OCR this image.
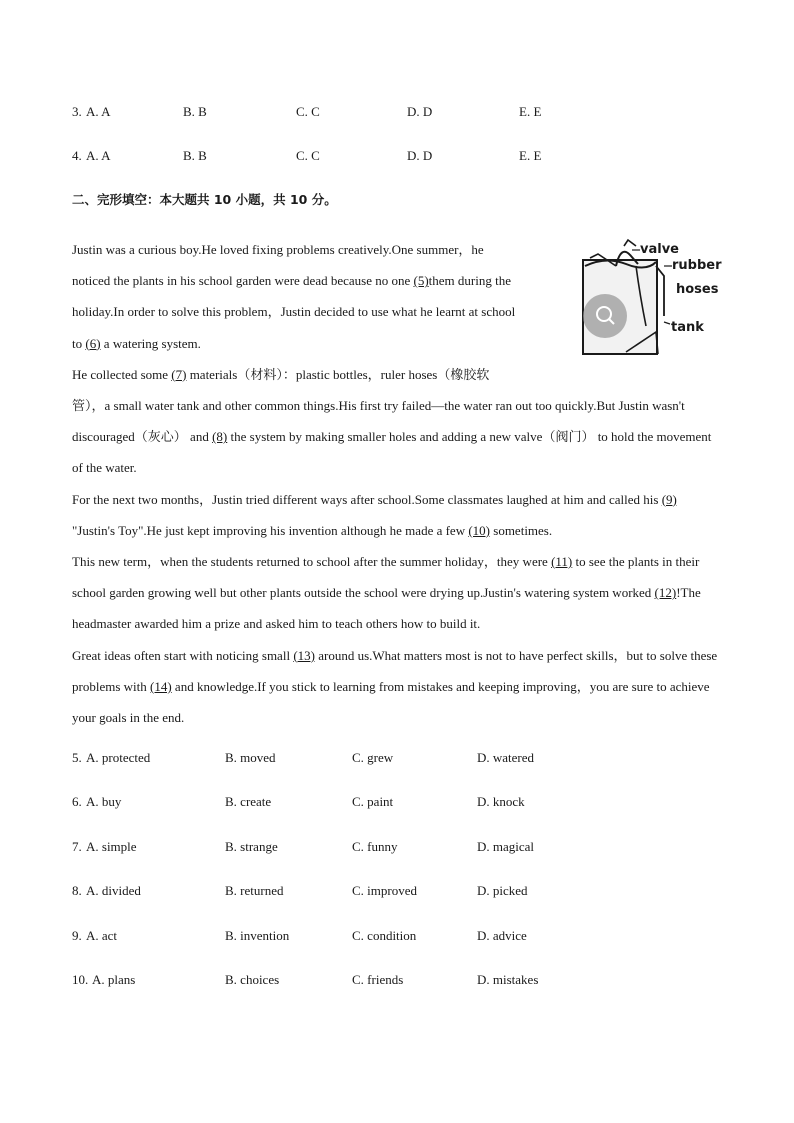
3. A. A	B. B	C. C	D. D	E. E
4. A. A	B. B	C. C	D. D	E. E
二、完形填空：本大题共 10 小题，共 10 分。
valve
rubber
hoses
tank

Justin was a curious boy.He loved fixing problems creatively.One summer，he
noticed the plants in his school garden were dead because no one (5)them during the
holiday.In order to solve this problem，Justin decided to use what he learnt at school
to (6) a watering system.

He collected some (7) materials（材料）：plastic bottles，ruler hoses（橡胶软
管），a small water tank and other common things.His first try failed—the water ran out too quickly.But Justin wasn't discouraged（灰心） and (8) the system by making smaller holes and adding a new valve（阀门） to hold the movement of the water.

For the next two months，Justin tried different ways after school.Some classmates laughed at him and called his (9) "Justin's Toy".He just kept improving his invention although he made a few (10) sometimes.

This new term，when the students returned to school after the summer holiday，they were (11) to see the plants in their school garden growing well but other plants outside the school were drying up.Justin's watering system worked (12)!The headmaster awarded him a prize and asked him to teach others how to build it.

Great ideas often start with noticing small (13) around us.What matters most is not to have perfect skills，but to solve these problems with (14) and knowledge.If you stick to learning from mistakes and keeping improving，you are sure to achieve your goals in the end.

5. A. protected	B. moved	C. grew	D. watered
6. A. buy	B. create	C. paint	D. knock
7. A. simple	B. strange	C. funny	D. magical
8. A. divided	B. returned	C. improved	D. picked
9. A. act	B. invention	C. condition	D. advice
10. A. plans	B. choices	C. friends	D. mistakes
